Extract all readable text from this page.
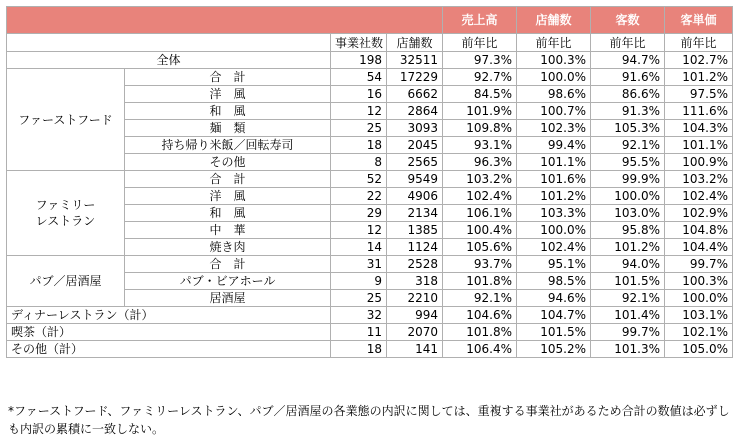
				売上高	店舗数	客数	客単価
		事業社数	店舗数	前年比	前年比	前年比	前年比
全体		198	32511	97.3%	100.3%	94.7%	102.7%
ファーストフード	合　計	54	17229	92.7%	100.0%	91.6%	101.2%
	洋　風	16	6662	84.5%	98.6%	86.6%	97.5%
	和　風	12	2864	101.9%	100.7%	91.3%	111.6%
	麺　類	25	3093	109.8%	102.3%	105.3%	104.3%
	持ち帰り米飯／回転寿司	18	2045	93.1%	99.4%	92.1%	101.1%
	その他	8	2565	96.3%	101.1%	95.5%	100.9%

ファミリー
レストラン	合　計	52	9549	103.2%	101.6%	99.9%	103.2%
	洋　風	22	4906	102.4%	101.2%	100.0%	102.4%
	和　風	29	2134	106.1%	103.3%	103.0%	102.9%
	中　華	12	1385	100.4%	100.0%	95.8%	104.8%
	焼き肉	14	1124	105.6%	102.4%	101.2%	104.4%
パブ／居酒屋	合　計	31	2528	93.7%	95.1%	94.0%	99.7%
	パブ・ビアホール	9	318	101.8%	98.5%	101.5%	100.3%
	居酒屋	25	2210	92.1%	94.6%	92.1%	100.0%
ディナーレストラン（計）		32	994	104.6%	104.7%	101.4%	103.1%
喫茶（計）		11	2070	101.8%	101.5%	99.7%	102.1%
その他（計）		18	141	106.4%	105.2%	101.3%	105.0%
*ファーストフード、ファミリーレストラン、パブ／居酒屋の各業態の内訳に関しては、重複する事業社があるため合計の数値は必ずしも内訳の累積に一致しない。
